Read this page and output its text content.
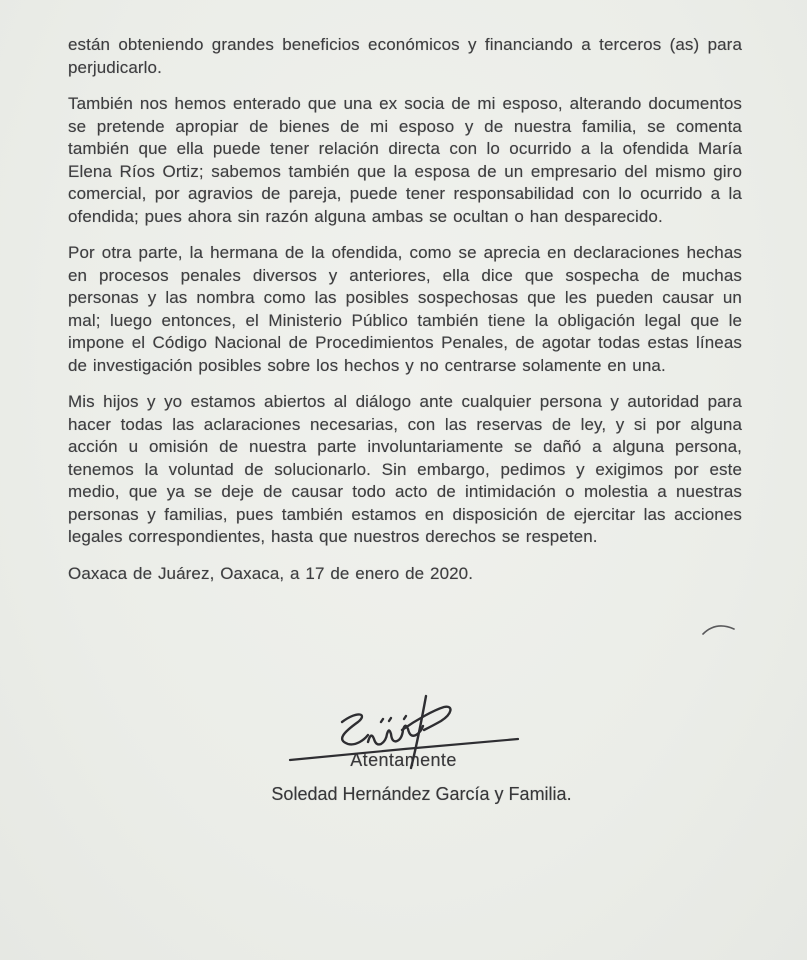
están obteniendo grandes beneficios económicos y financiando a terceros (as) para perjudicarlo.

También nos hemos enterado que una ex socia de mi esposo, alterando documentos se pretende apropiar de bienes de mi esposo y de nuestra familia, se comenta también que ella puede tener relación directa con lo ocurrido a la ofendida María Elena Ríos Ortiz; sabemos también que la esposa de un empresario del mismo giro comercial, por agravios de pareja, puede tener responsabilidad con lo ocurrido a la ofendida; pues ahora sin razón alguna ambas se ocultan o han desparecido.

Por otra parte, la hermana de la ofendida, como se aprecia en declaraciones hechas en procesos penales diversos y anteriores, ella dice que sospecha de muchas personas y las nombra como las posibles sospechosas que les pueden causar un mal; luego entonces, el Ministerio Público también tiene la obligación legal que le impone el Código Nacional de Procedimientos Penales, de agotar todas estas líneas de investigación posibles sobre los hechos y no centrarse solamente en una.

Mis hijos y yo estamos abiertos al diálogo ante cualquier persona y autoridad para hacer todas las aclaraciones necesarias, con las reservas de ley, y si por alguna acción u omisión de nuestra parte involuntariamente se dañó a alguna persona, tenemos la voluntad de solucionarlo. Sin embargo, pedimos y exigimos por este medio, que ya se deje de causar todo acto de intimidación o molestia a nuestras personas y familias, pues también estamos en disposición de ejercitar las acciones legales correspondientes, hasta que nuestros derechos se respeten.

Oaxaca de Juárez, Oaxaca, a 17 de enero de 2020.

Atentamente
Soledad Hernández García y Familia.
